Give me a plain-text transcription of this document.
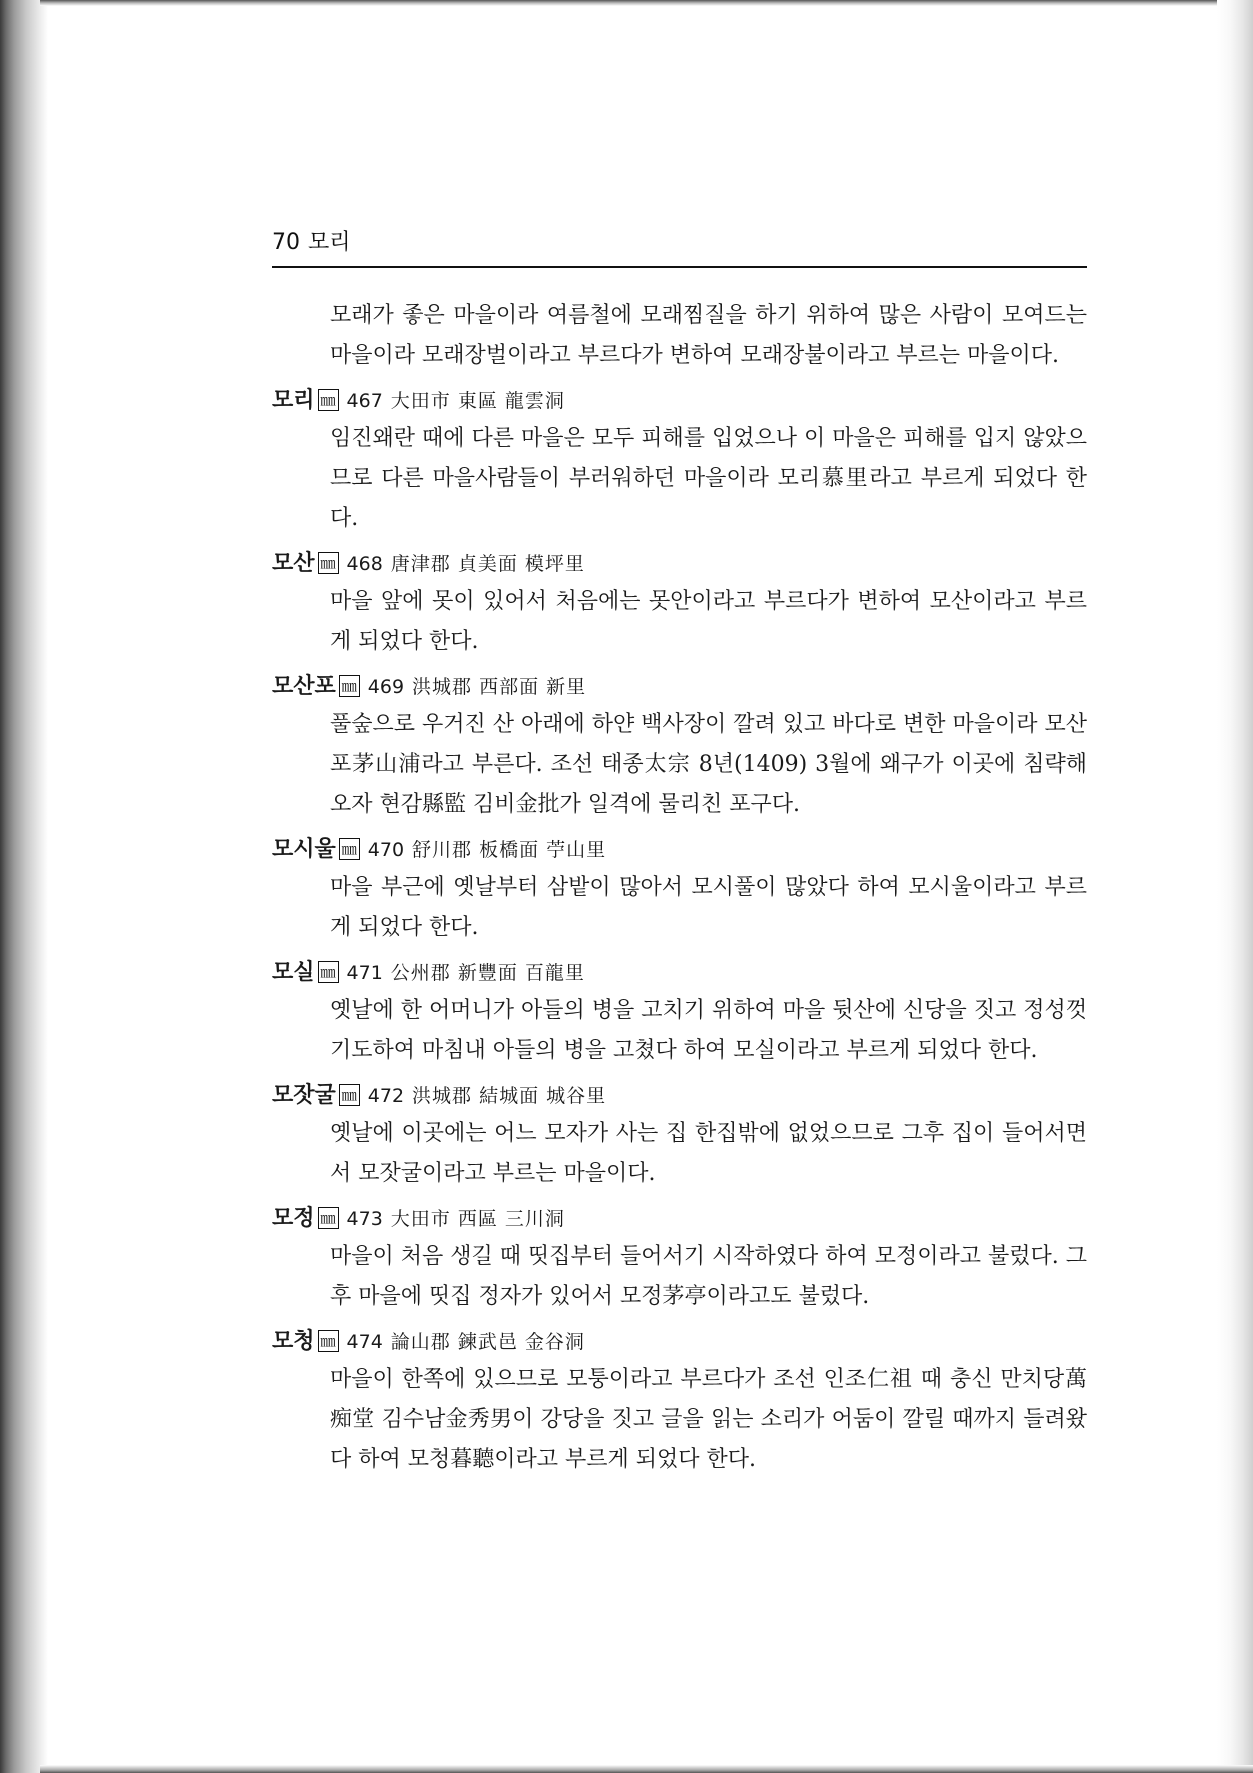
70 모리
모래가 좋은 마을이라 여름철에 모래찜질을 하기 위하여 많은 사람이 모여드는 마을이라 모래장벌이라고 부르다가 변하여 모래장불이라고 부르는 마을이다.
모리 ㎜ 467 大田市 東區 龍雲洞
임진왜란 때에 다른 마을은 모두 피해를 입었으나 이 마을은 피해를 입지 않았으므로 다른 마을사람들이 부러워하던 마을이라 모리慕里라고 부르게 되었다 한다.
모산 ㎜ 468 唐津郡 貞美面 模坪里
마을 앞에 못이 있어서 처음에는 못안이라고 부르다가 변하여 모산이라고 부르게 되었다 한다.
모산포 ㎜ 469 洪城郡 西部面 新里
풀숲으로 우거진 산 아래에 하얀 백사장이 깔려 있고 바다로 변한 마을이라 모산포茅山浦라고 부른다. 조선 태종太宗 8년(1409) 3월에 왜구가 이곳에 침략해오자 현감縣監 김비金批가 일격에 물리친 포구다.
모시울 ㎜ 470 舒川郡 板橋面 苧山里
마을 부근에 옛날부터 삼밭이 많아서 모시풀이 많았다 하여 모시울이라고 부르게 되었다 한다.
모실 ㎜ 471 公州郡 新豐面 百龍里
옛날에 한 어머니가 아들의 병을 고치기 위하여 마을 뒷산에 신당을 짓고 정성껏 기도하여 마침내 아들의 병을 고쳤다 하여 모실이라고 부르게 되었다 한다.
모잣굴 ㎜ 472 洪城郡 結城面 城谷里
옛날에 이곳에는 어느 모자가 사는 집 한집밖에 없었으므로 그후 집이 들어서면서 모잣굴이라고 부르는 마을이다.
모정 ㎜ 473 大田市 西區 三川洞
마을이 처음 생길 때 띳집부터 들어서기 시작하였다 하여 모정이라고 불렀다. 그후 마을에 띳집 정자가 있어서 모정茅亭이라고도 불렀다.
모청 ㎜ 474 論山郡 鍊武邑 金谷洞
마을이 한쪽에 있으므로 모퉁이라고 부르다가 조선 인조仁祖 때 충신 만치당萬痴堂 김수남金秀男이 강당을 짓고 글을 읽는 소리가 어둠이 깔릴 때까지 들려왔다 하여 모청暮聽이라고 부르게 되었다 한다.
